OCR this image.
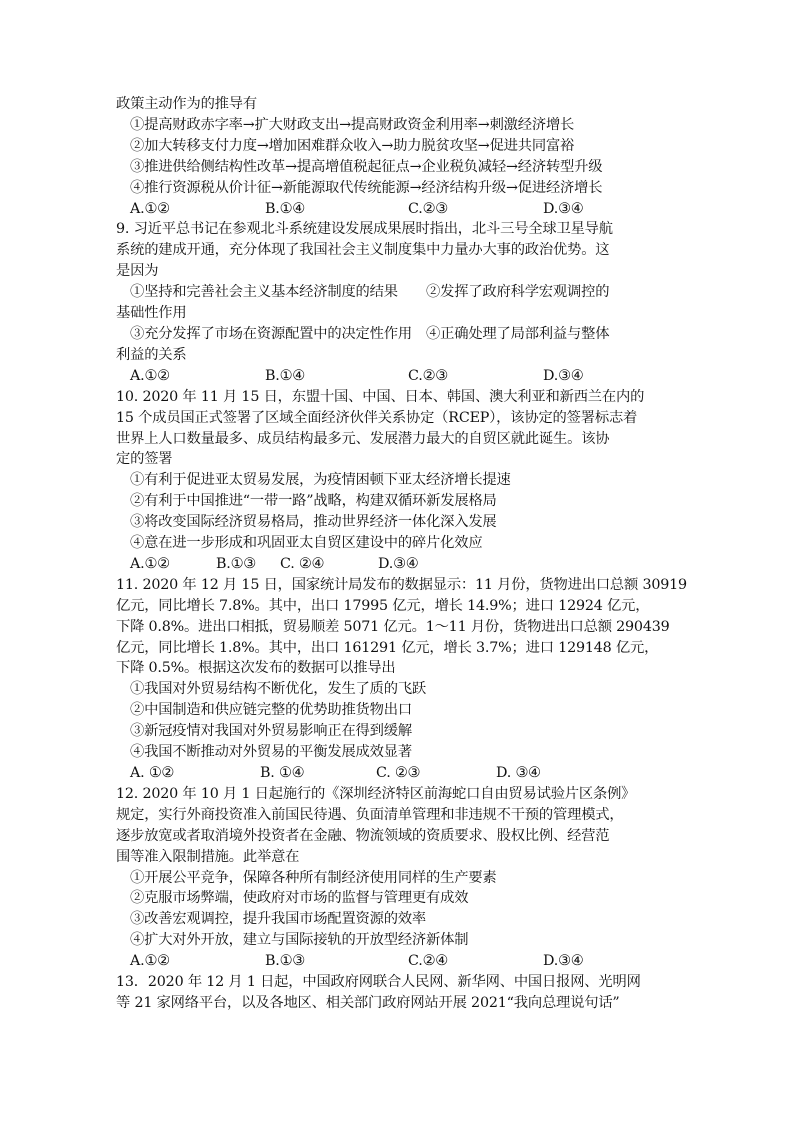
政策主动作为的推导有
①提高财政赤字率→扩大财政支出→提高财政资金利用率→刺激经济增长
②加大转移支付力度→增加困难群众收入→助力脱贫攻坚→促进共同富裕
③推进供给侧结构性改革→提高增值税起征点→企业税负减轻→经济转型升级
④推行资源税从价计征→新能源取代传统能源→经济结构升级→促进经济增长
A.①②	B.①④	C.②③	D.③④
9. 习近平总书记在参观北斗系统建设发展成果展时指出，北斗三号全球卫星导航
系统的建成开通，充分体现了我国社会主义制度集中力量办大事的政治优势。这
是因为
①坚持和完善社会主义基本经济制度的结果　　②发挥了政府科学宏观调控的
基础性作用
③充分发挥了市场在资源配置中的决定性作用　④正确处理了局部利益与整体
利益的关系
A.①②	B.①④	C.②③	D.③④
10. 2020 年 11 月 15 日，东盟十国、中国、日本、韩国、澳大利亚和新西兰在内的
15 个成员国正式签署了区域全面经济伙伴关系协定（RCEP），该协定的签署标志着
世界上人口数量最多、成员结构最多元、发展潜力最大的自贸区就此诞生。该协
定的签署
①有利于促进亚太贸易发展，为疫情困顿下亚太经济增长提速
②有利于中国推进“一带一路”战略，构建双循环新发展格局
③将改变国际经济贸易格局，推动世界经济一体化深入发展
④意在进一步形成和巩固亚太自贸区建设中的碎片化效应
A.①②	B.①③	C. ②④	D.③④
11. 2020 年 12 月 15 日，国家统计局发布的数据显示：11 月份，货物进出口总额 30919
亿元，同比增长 7.8%。其中，出口 17995 亿元，增长 14.9%；进口 12924 亿元，
下降 0.8%。进出口相抵，贸易顺差 5071 亿元。1～11 月份，货物进出口总额 290439
亿元，同比增长 1.8%。其中，出口 161291 亿元，增长 3.7%；进口 129148 亿元，
下降 0.5%。根据这次发布的数据可以推导出
①我国对外贸易结构不断优化，发生了质的飞跃
②中国制造和供应链完整的优势助推货物出口
③新冠疫情对我国对外贸易影响正在得到缓解
④我国不断推动对外贸易的平衡发展成效显著
A. ①②	B. ①④	C. ②③	D. ③④
12. 2020 年 10 月 1 日起施行的《深圳经济特区前海蛇口自由贸易试验片区条例》
规定，实行外商投资准入前国民待遇、负面清单管理和非违规不干预的管理模式，
逐步放宽或者取消境外投资者在金融、物流领域的资质要求、股权比例、经营范
围等准入限制措施。此举意在
①开展公平竞争，保障各种所有制经济使用同样的生产要素
②克服市场弊端，使政府对市场的监督与管理更有成效
③改善宏观调控，提升我国市场配置资源的效率
④扩大对外开放，建立与国际接轨的开放型经济新体制
A.①②	B.①③	C.②④	D.③④
13．2020 年 12 月 1 日起，中国政府网联合人民网、新华网、中国日报网、光明网
等 21 家网络平台，以及各地区、相关部门政府网站开展 2021“我向总理说句话”
